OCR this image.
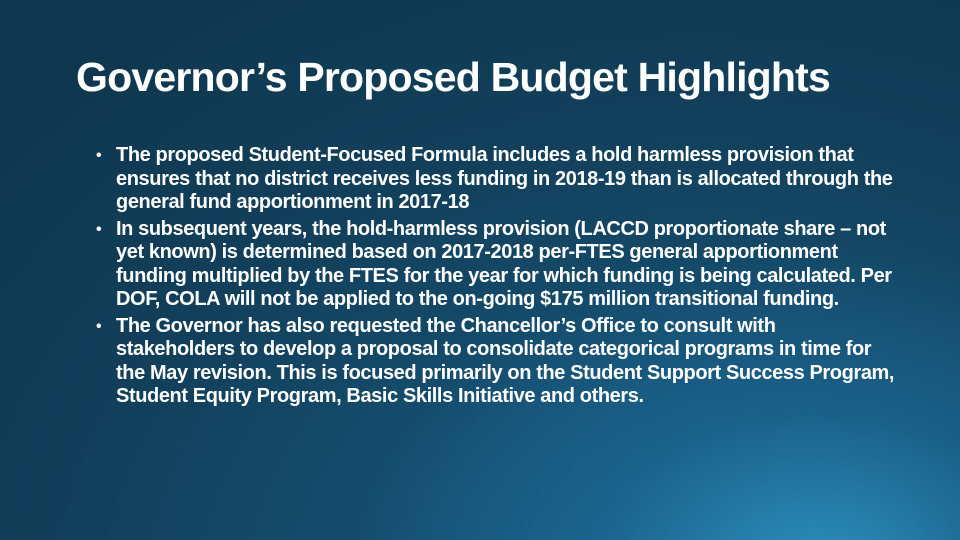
Governor’s Proposed Budget Highlights
• The proposed Student-Focused Formula includes a hold harmless provision that ensures that no district receives less funding in 2018-19 than is allocated through the general fund apportionment in 2017-18
• In subsequent years, the hold-harmless provision (LACCD proportionate share – not yet known) is determined based on 2017-2018 per-FTES general apportionment funding multiplied by the FTES for the year for which funding is being calculated. Per DOF, COLA will not be applied to the on-going $175 million transitional funding.
• The Governor has also requested the Chancellor’s Office to consult with stakeholders to develop a proposal to consolidate categorical programs in time for the May revision. This is focused primarily on the Student Support Success Program, Student Equity Program, Basic Skills Initiative and others.
